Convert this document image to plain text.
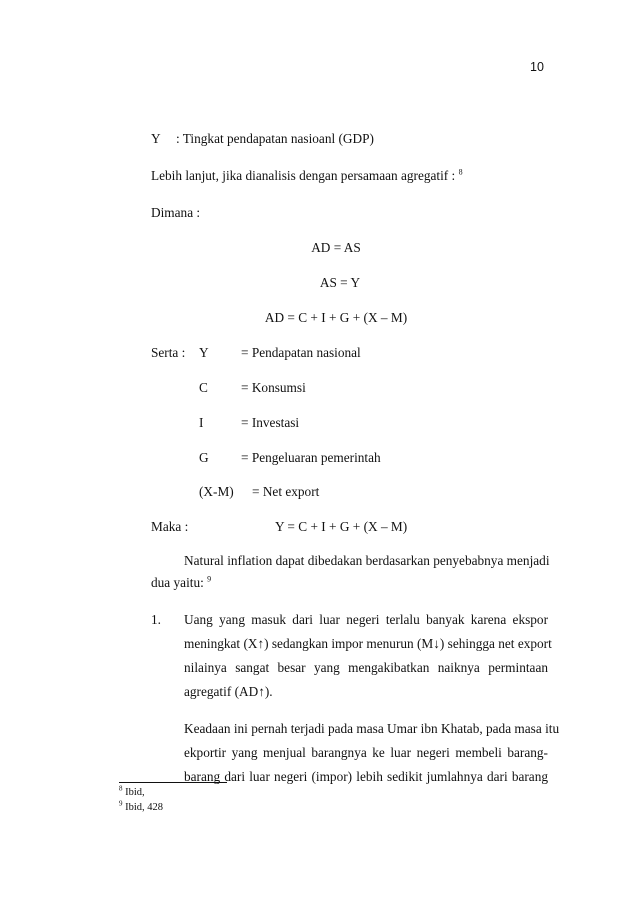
10
Y : Tingkat pendapatan nasioanl (GDP)
Lebih lanjut, jika dianalisis dengan persamaan agregatif : $^8$
Dimana :
AD = AS
AS = Y
AD = C + I + G + (X – M)
Serta : Y = Pendapatan nasional
C = Konsumsi
I	= Investasi
G = Pengeluaran pemerintah
(X-M) = Net export
Maka :	Y = C + I + G + (X – M)
Natural inflation dapat dibedakan berdasarkan penyebabnya menjadi
dua yaitu: $^9$
1. Uang yang masuk dari luar negeri terlalu banyak karena ekspor
meningkat (X↑) sedangkan impor menurun (M↓) sehingga net export
nilainya sangat besar yang mengakibatkan naiknya permintaan
agregatif (AD↑).
Keadaan ini pernah terjadi pada masa Umar ibn Khatab, pada masa itu
ekportir yang menjual barangnya ke luar negeri membeli barang-
barang dari luar negeri (impor) lebih sedikit jumlahnya dari barang
$^8$ Ibid,
$^9$ Ibid, 428
